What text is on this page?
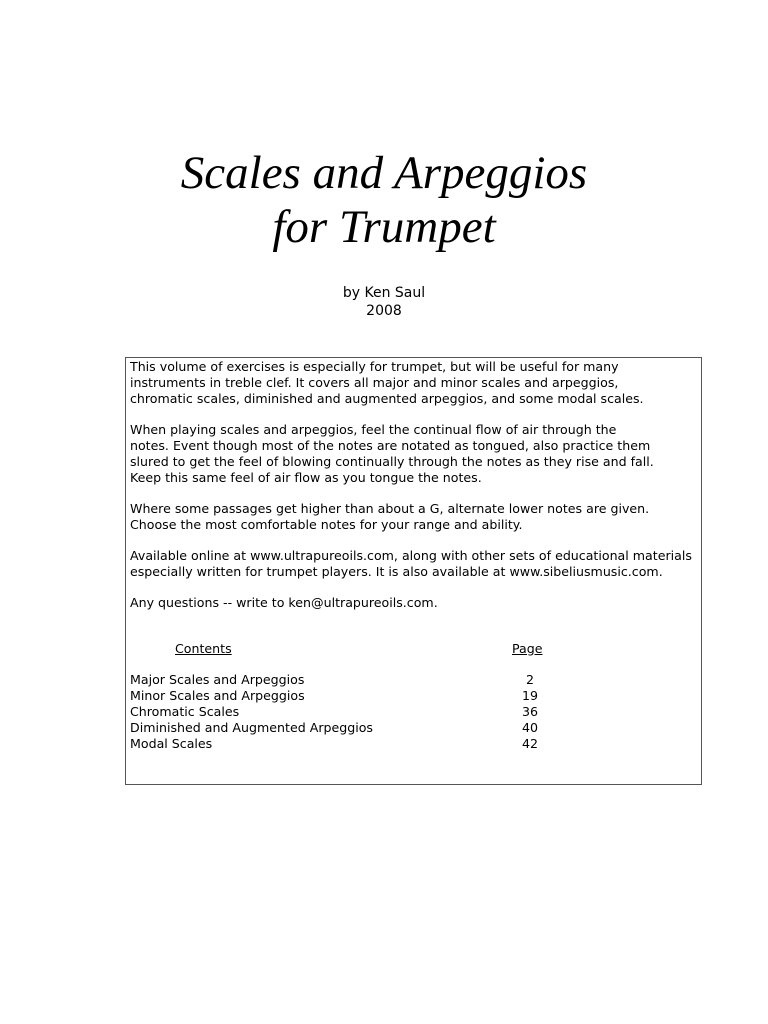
Scales and Arpeggios
for Trumpet
by Ken Saul
2008
This volume of exercises is especially for trumpet, but will be useful for many
instruments in treble clef. It covers all major and minor scales and arpeggios,
chromatic scales, diminished and augmented arpeggios, and some modal scales.
When playing scales and arpeggios, feel the continual flow of air through the
notes. Event though most of the notes are notated as tongued, also practice them
slured to get the feel of blowing continually through the notes as they rise and fall.
Keep this same feel of air flow as you tongue the notes.
Where some passages get higher than about a G, alternate lower notes are given.
Choose the most comfortable notes for your range and ability.
Available online at www.ultrapureoils.com, along with other sets of educational materials
especially written for trumpet players. It is also available at www.sibeliusmusic.com.
Any questions -- write to ken@ultrapureoils.com.
Contents	Page
Major Scales and Arpeggios	2
Minor Scales and Arpeggios	19
Chromatic Scales	36
Diminished and Augmented Arpeggios	40
Modal Scales	42
